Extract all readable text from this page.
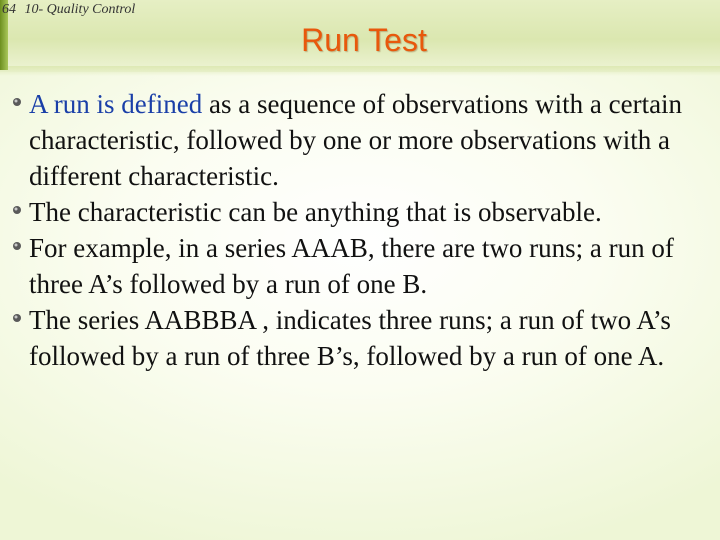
64 10- Quality Control
Run Test
A run is defined as a sequence of observations with a certain characteristic, followed by one or more observations with a different characteristic.
The characteristic can be anything that is observable.
For example, in a series AAAB, there are two runs; a run of three A’s followed by a run of one B.
The series AABBBA , indicates three runs; a run of two A’s followed by a run of three B’s, followed by a run of one A.
